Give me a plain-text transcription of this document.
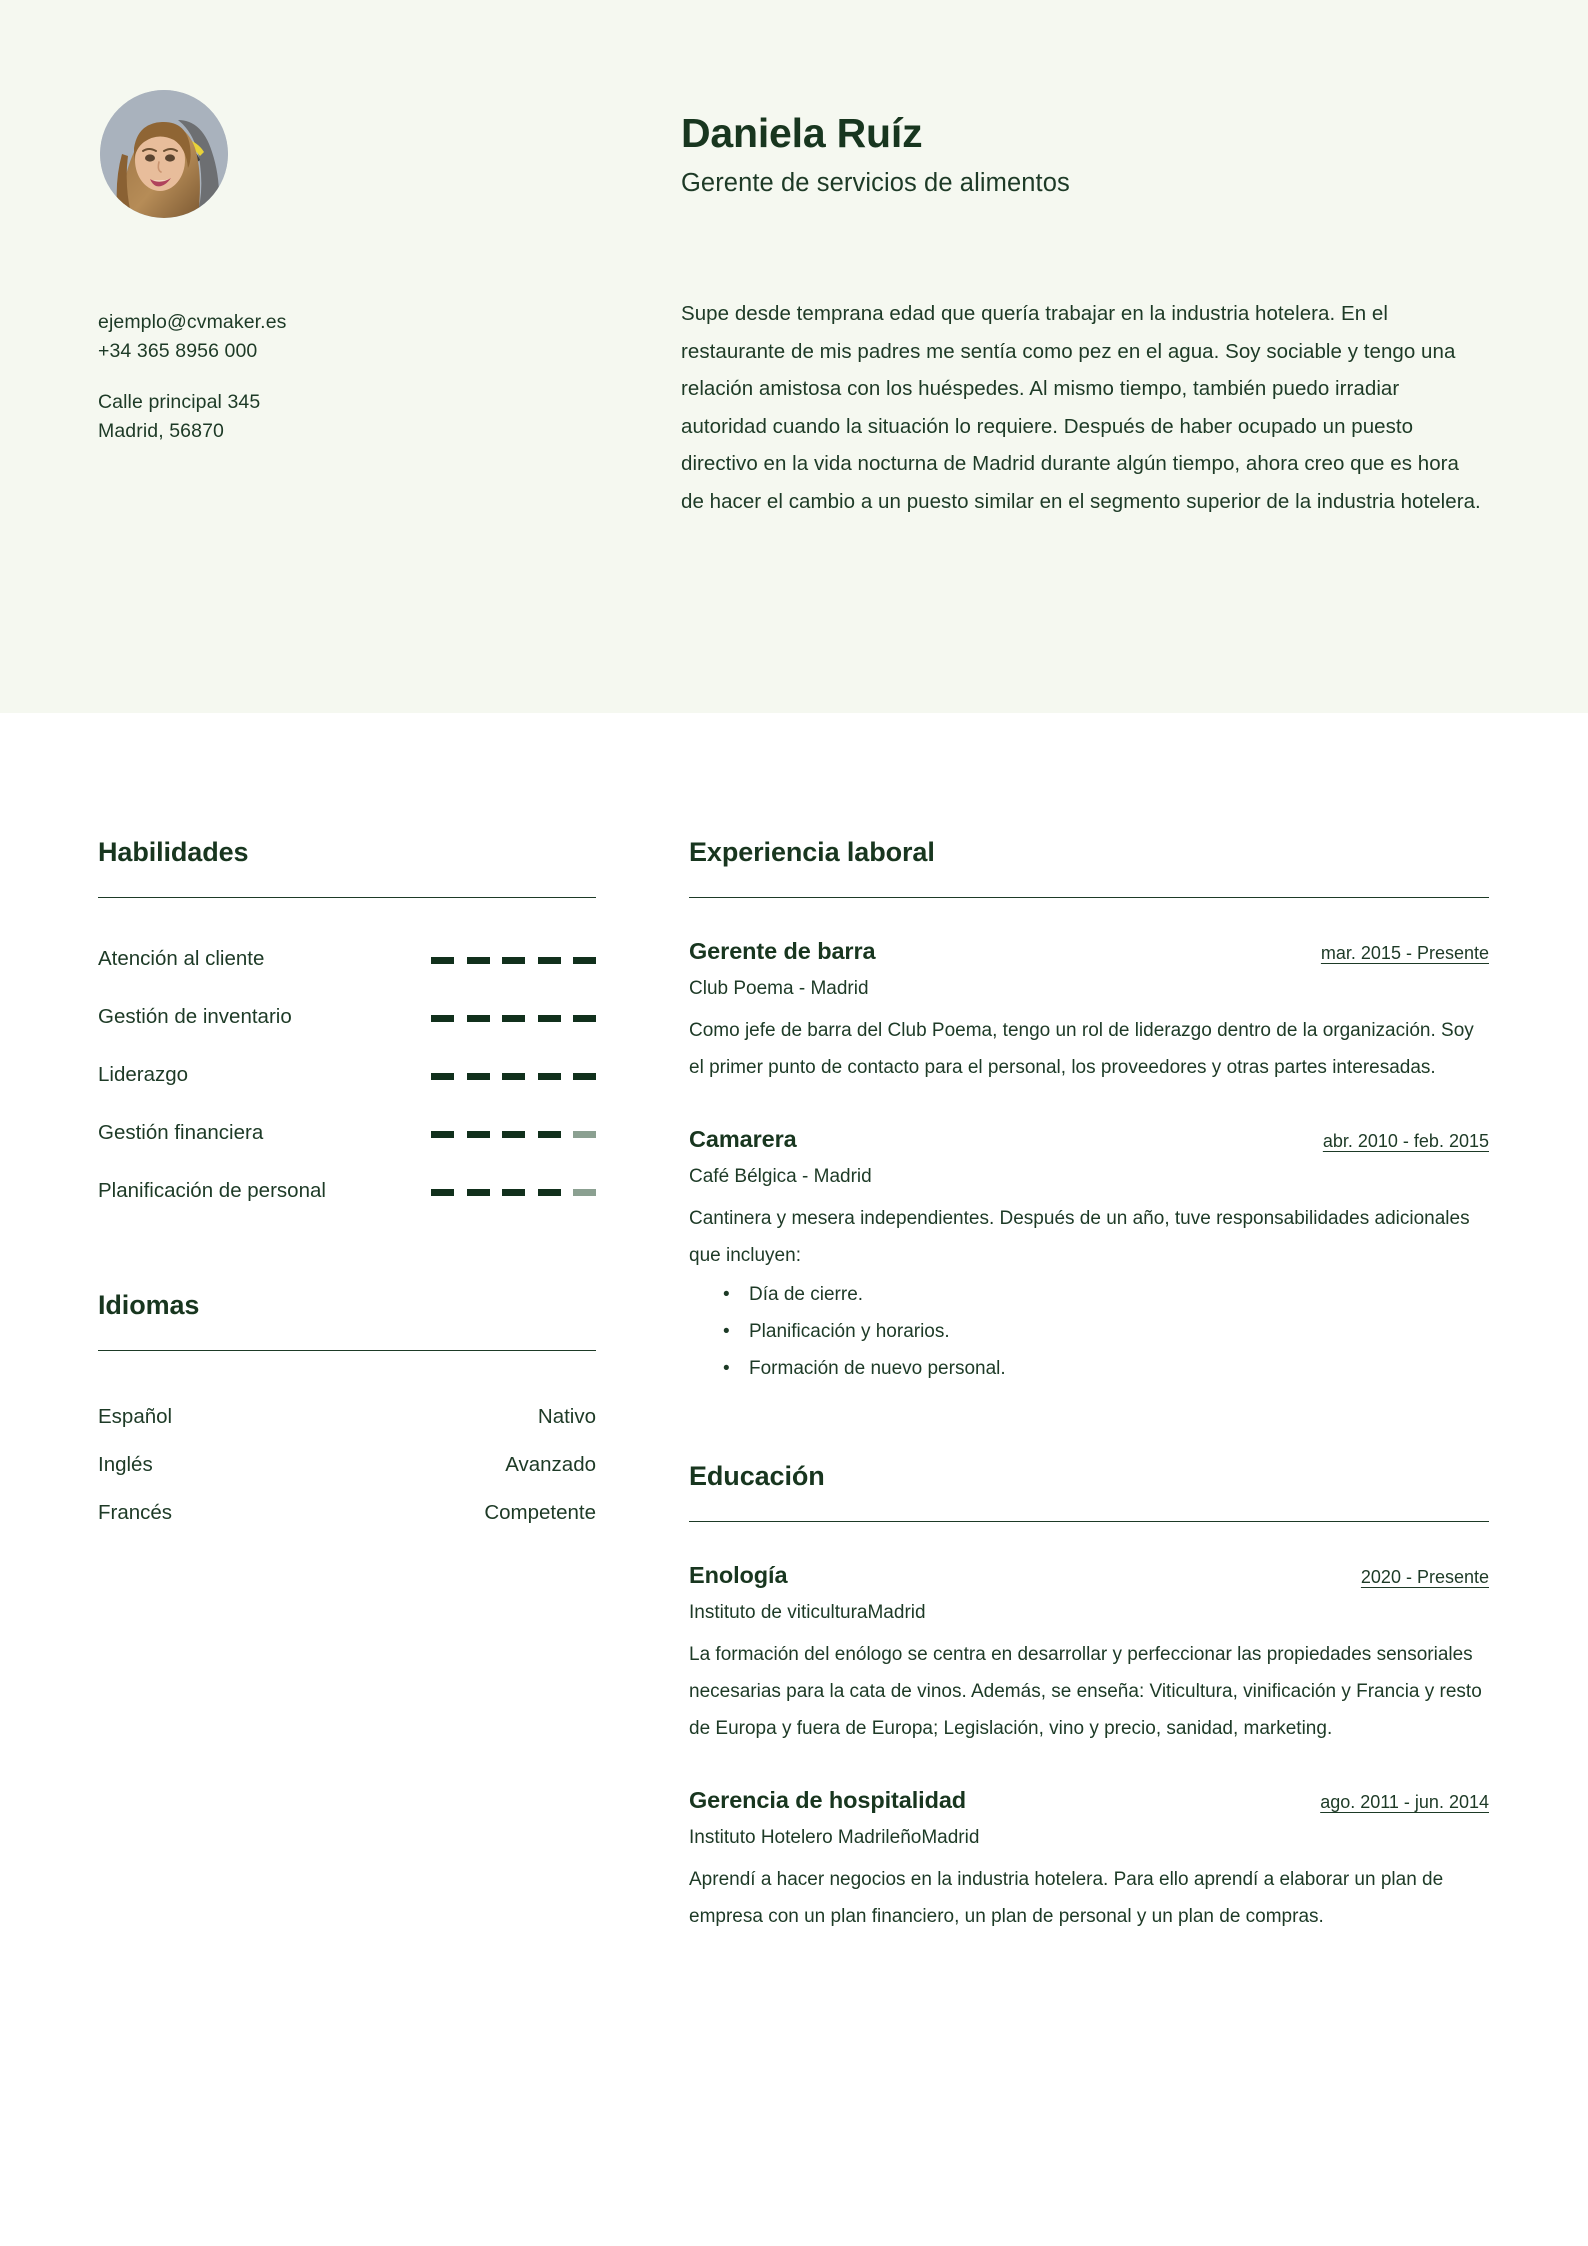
ejemplo@cvmaker.es
+34 365 8956 000
Calle principal 345
Madrid, 56870
Daniela Ruíz
Gerente de servicios de alimentos
Supe desde temprana edad que quería trabajar en la industria hotelera. En el restaurante de mis padres me sentía como pez en el agua. Soy sociable y tengo una relación amistosa con los huéspedes. Al mismo tiempo, también puedo irradiar autoridad cuando la situación lo requiere. Después de haber ocupado un puesto directivo en la vida nocturna de Madrid durante algún tiempo, ahora creo que es hora de hacer el cambio a un puesto similar en el segmento superior de la industria hotelera.
Habilidades
Atención al cliente
Gestión de inventario
Liderazgo
Gestión financiera
Planificación de personal
Idiomas
Español	Nativo
Inglés	Avanzado
Francés	Competente
Experiencia laboral
Gerente de barra	mar. 2015 - Presente
Club Poema - Madrid
Como jefe de barra del Club Poema, tengo un rol de liderazgo dentro de la organización. Soy el primer punto de contacto para el personal, los proveedores y otras partes interesadas.
Camarera	abr. 2010 - feb. 2015
Café Bélgica - Madrid
Cantinera y mesera independientes. Después de un año, tuve responsabilidades adicionales que incluyen:
• Día de cierre.
• Planificación y horarios.
• Formación de nuevo personal.
Educación
Enología	2020 - Presente
Instituto de viticulturaMadrid
La formación del enólogo se centra en desarrollar y perfeccionar las propiedades sensoriales necesarias para la cata de vinos. Además, se enseña: Viticultura, vinificación y Francia y resto de Europa y fuera de Europa; Legislación, vino y precio, sanidad, marketing.
Gerencia de hospitalidad	ago. 2011 - jun. 2014
Instituto Hotelero MadrileñoMadrid
Aprendí a hacer negocios en la industria hotelera. Para ello aprendí a elaborar un plan de empresa con un plan financiero, un plan de personal y un plan de compras.
